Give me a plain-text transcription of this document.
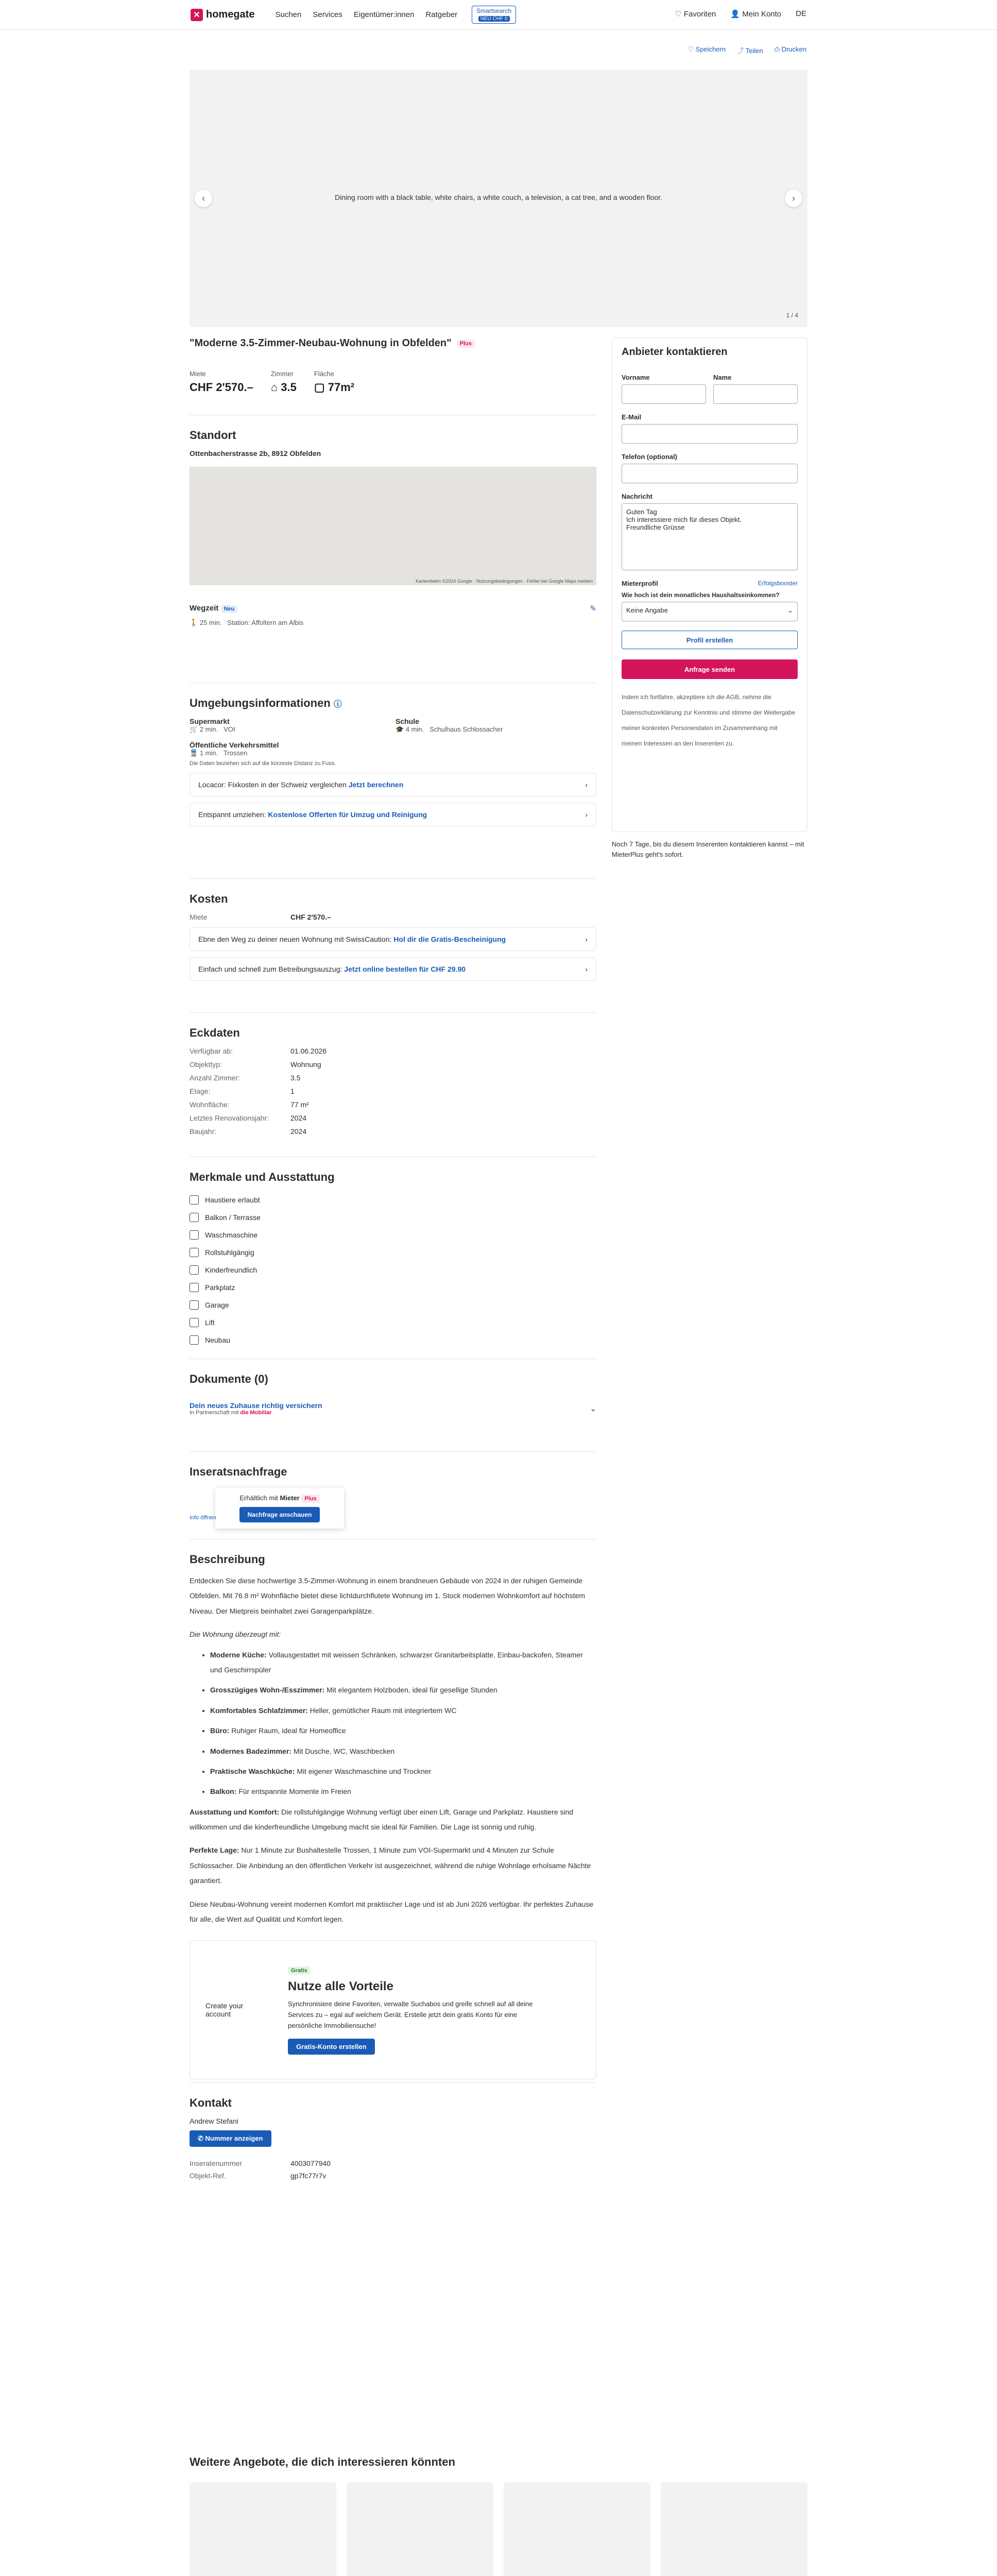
✕ homegate	Suchen Services Eigentümer:innen Ratgeber	Smartsearch
NEU CHF 0
♡ Favoriten 👤 Mein Konto DE
♡ Speichern ⤴ Teilen ⎙ Drucken
Dining room with a black table, white chairs, a white couch, a television, a cat tree, and a wooden floor.
‹	›
1 / 4
"Moderne 3.5-Zimmer-Neubau-Wohnung in Obfelden"	Plus
Miete
CHF 2'570.–
Zimmer
⌂ 3.5
Fläche
▢ 77m²
Standort
Ottenbacherstrasse 2b, 8912 Obfelden
Kartendaten ©2024 Google · Nutzungsbedingungen · Fehler bei Google Maps melden
Wegzeit Neu
🚶 25 min. Station: Affoltern am Albis
✎
Umgebungsinformationen ⓘ
Supermarkt
🛒 2 min. VOI
Schule
🎓 4 min. Schulhaus Schlossacher
Öffentliche Verkehrsmittel
🚆 1 min. Trossen
Die Daten beziehen sich auf die kürzeste Distanz zu Fuss.
Locacor: Fixkosten in der Schweiz vergleichen Jetzt berechnen	›
Entspannt umziehen: Kostenlose Offerten für Umzug und Reinigung	›
Kosten
Miete	CHF 2'570.–
Ebne den Weg zu deiner neuen Wohnung mit SwissCaution: Hol dir die Gratis-Bescheinigung	›
Einfach und schnell zum Betreibungsauszug: Jetzt online bestellen für CHF 29.90	›
Eckdaten
Verfügbar ab:	01.06.2026
Objekttyp:	Wohnung
Anzahl Zimmer:	3.5
Etage:	1
Wohnfläche:	77 m²
Letztes Renovationsjahr:	2024
Baujahr:	2024
Merkmale und Ausstattung
Haustiere erlaubt
Balkon / Terrasse
Waschmaschine
Rollstuhlgängig
Kinderfreundlich
Parkplatz
Garage
Lift
Neubau
Dokumente (0)
Dein neues Zuhause richtig versichern
In Partnerschaft mit die Mobiliar	⌄
Inseratsnachfrage
Erhältlich mit Mieter Plus
Nachfrage anschauen
Info öffnen
Beschreibung

Entdecken Sie diese hochwertige 3.5-Zimmer-Wohnung in einem brandneuen Gebäude von 2024 in der ruhigen Gemeinde Obfelden. Mit 76.8 m² Wohnfläche bietet diese lichtdurchflutete Wohnung im 1. Stock modernen Wohnkomfort auf höchstem Niveau. Der Mietpreis beinhaltet zwei Garagenparkplätze.

Die Wohnung überzeugt mit:

• Moderne Küche: Vollausgestattet mit weissen Schränken, schwarzer Granitarbeitsplatte, Einbau-backofen, Steamer und Geschirrspüler
• Grosszügiges Wohn-/Esszimmer: Mit elegantem Holzboden, ideal für gesellige Stunden
• Komfortables Schlafzimmer: Heller, gemütlicher Raum mit integriertem WC
• Büro: Ruhiger Raum, ideal für Homeoffice
• Modernes Badezimmer: Mit Dusche, WC, Waschbecken
• Praktische Waschküche: Mit eigener Waschmaschine und Trockner
• Balkon: Für entspannte Momente im Freien

Ausstattung und Komfort: Die rollstuhlgängige Wohnung verfügt über einen Lift, Garage und Parkplatz. Haustiere sind willkommen und die kinderfreundliche Umgebung macht sie ideal für Familien. Die Lage ist sonnig und ruhig.

Perfekte Lage: Nur 1 Minute zur Bushaltestelle Trossen, 1 Minute zum VOI-Supermarkt und 4 Minuten zur Schule Schlossacher. Die Anbindung an den öffentlichen Verkehr ist ausgezeichnet, während die ruhige Wohnlage erholsame Nächte garantiert.

Diese Neubau-Wohnung vereint modernen Komfort mit praktischer Lage und ist ab Juni 2026 verfügbar. Ihr perfektes Zuhause für alle, die Wert auf Qualität und Komfort legen.

Create your account
Gratis
Nutze alle Vorteile
Synchronisiere deine Favoriten, verwalte Suchabos und greife schnell auf all deine Services zu – egal auf welchem Gerät. Erstelle jetzt dein gratis Konto für eine persönliche Immobiliensuche!
Gratis-Konto erstellen
Kontakt
Andrew Stefani
✆ Nummer anzeigen
Inseratenummer	4003077940
Objekt-Ref.	gp7fc77r7v
Anbieter kontaktieren
Vorname	Name
E-Mail
Telefon (optional)
Nachricht
Guten Tag
Ich interessiere mich für dieses Objekt.
Freundliche Grüsse
Mieterprofil	Erfolgsbooster
Wie hoch ist dein monatliches Haushaltseinkommen?
Keine Angabe	⌄
Profil erstellen
Anfrage senden
Indem ich fortfahre, akzeptiere ich die AGB, nehme die Datenschutzerklärung zur Kenntnis und stimme der Weitergabe meiner konkreten Personendaten im Zusammenhang mit meinen Interessen an den Inserenten zu.
Noch 7 Tage, bis du diesem Inserenten kontaktieren kannst – mit MieterPlus geht's sofort.
Weitere Angebote, die dich interessieren könnten
